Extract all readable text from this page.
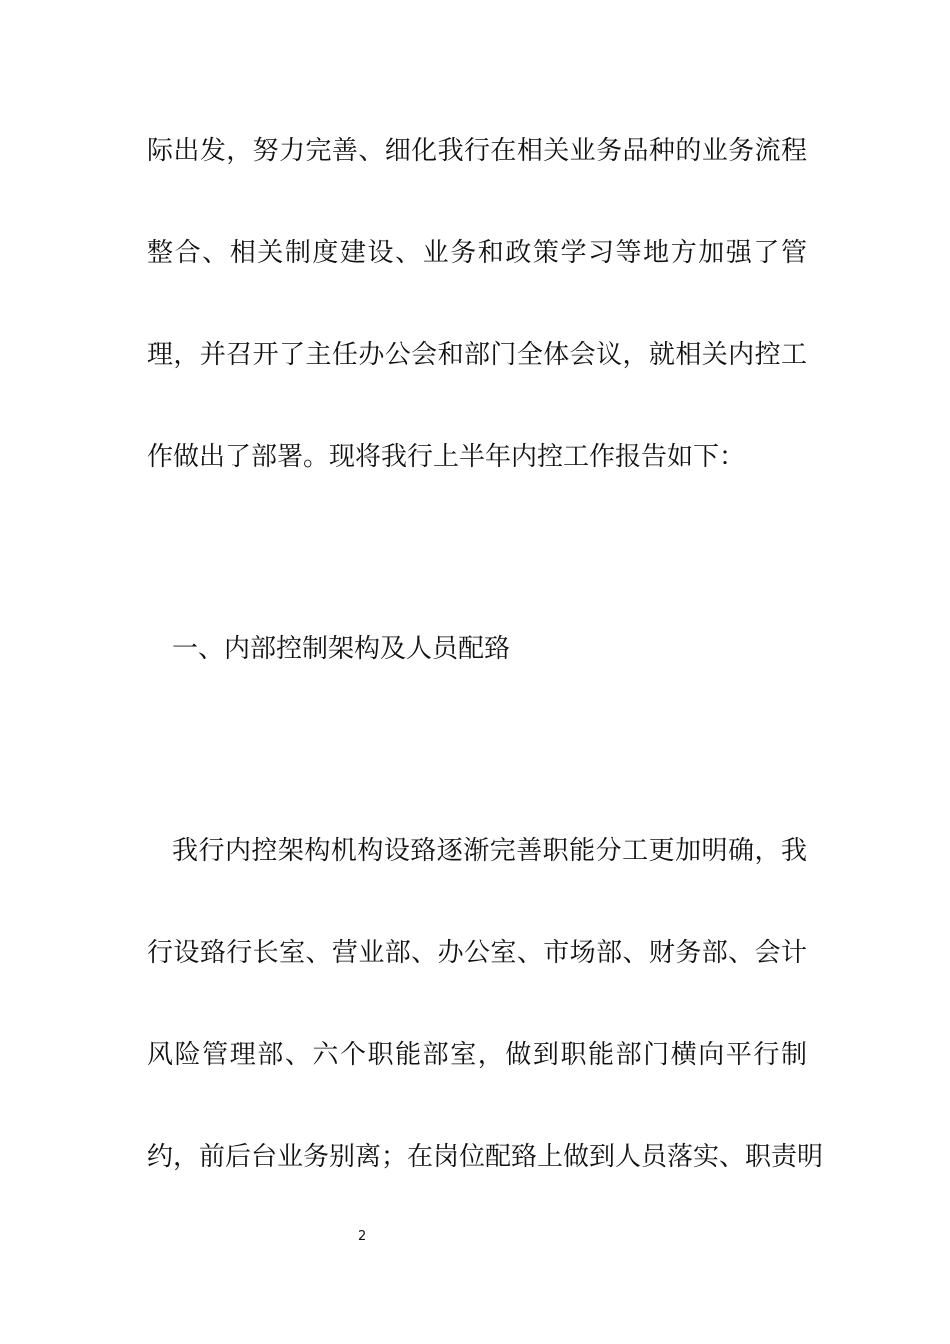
际出发，努力完善、细化我行在相关业务品种的业务流程
整合、相关制度建设、业务和政策学习等地方加强了管
理，并召开了主任办公会和部门全体会议，就相关内控工
作做出了部署。现将我行上半年内控工作报告如下：
一、内部控制架构及人员配臵
我行内控架构机构设臵逐渐完善职能分工更加明确，我
行设臵行长室、营业部、办公室、市场部、财务部、会计
风险管理部、六个职能部室，做到职能部门横向平行制
约，前后台业务别离；在岗位配臵上做到人员落实、职责明
2
